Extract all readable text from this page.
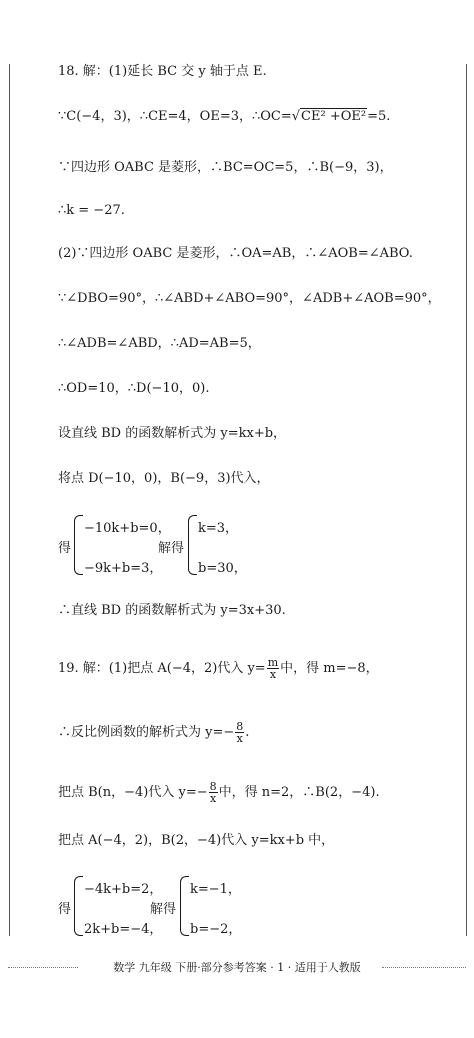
18. 解：(1)延长 BC 交 y 轴于点 E.
∵C(−4，3)，∴CE=4，OE=3，∴OC=√CE² +OE²=5.
∵四边形 OABC 是菱形，∴BC=OC=5，∴B(−9，3)，
∴k = −27.
(2)∵四边形 OABC 是菱形，∴OA=AB，∴∠AOB=∠ABO.
∵∠DBO=90°，∴∠ABD+∠ABO=90°，∠ADB+∠AOB=90°，
∴∠ADB=∠ABD，∴AD=AB=5，
∴OD=10，∴D(−10，0).
设直线 BD 的函数解析式为 y=kx+b，
将点 D(−10，0)，B(−9，3)代入，
得
−10k+b=0，
−9k+b=3，
解得
k=3，
b=30，
∴直线 BD 的函数解析式为 y=3x+30.
19. 解：(1)把点 A(−4，2)代入 $y= \frac{m}{x}$ 中，得 m=−8，
∴反比例函数的解析式为 $y=- \frac{8}{x}$ .
把点 B(n，−4)代入 $y=- \frac{8}{x}$ 中，得 n=2，∴B(2，−4).
把点 A(−4，2)，B(2，−4)代入 y=kx+b 中，
得
−4k+b=2，
2k+b=−4，
解得
k=−1，
b=−2，
数学 九年级 下册·部分参考答案 · 1 · 适用于人教版
